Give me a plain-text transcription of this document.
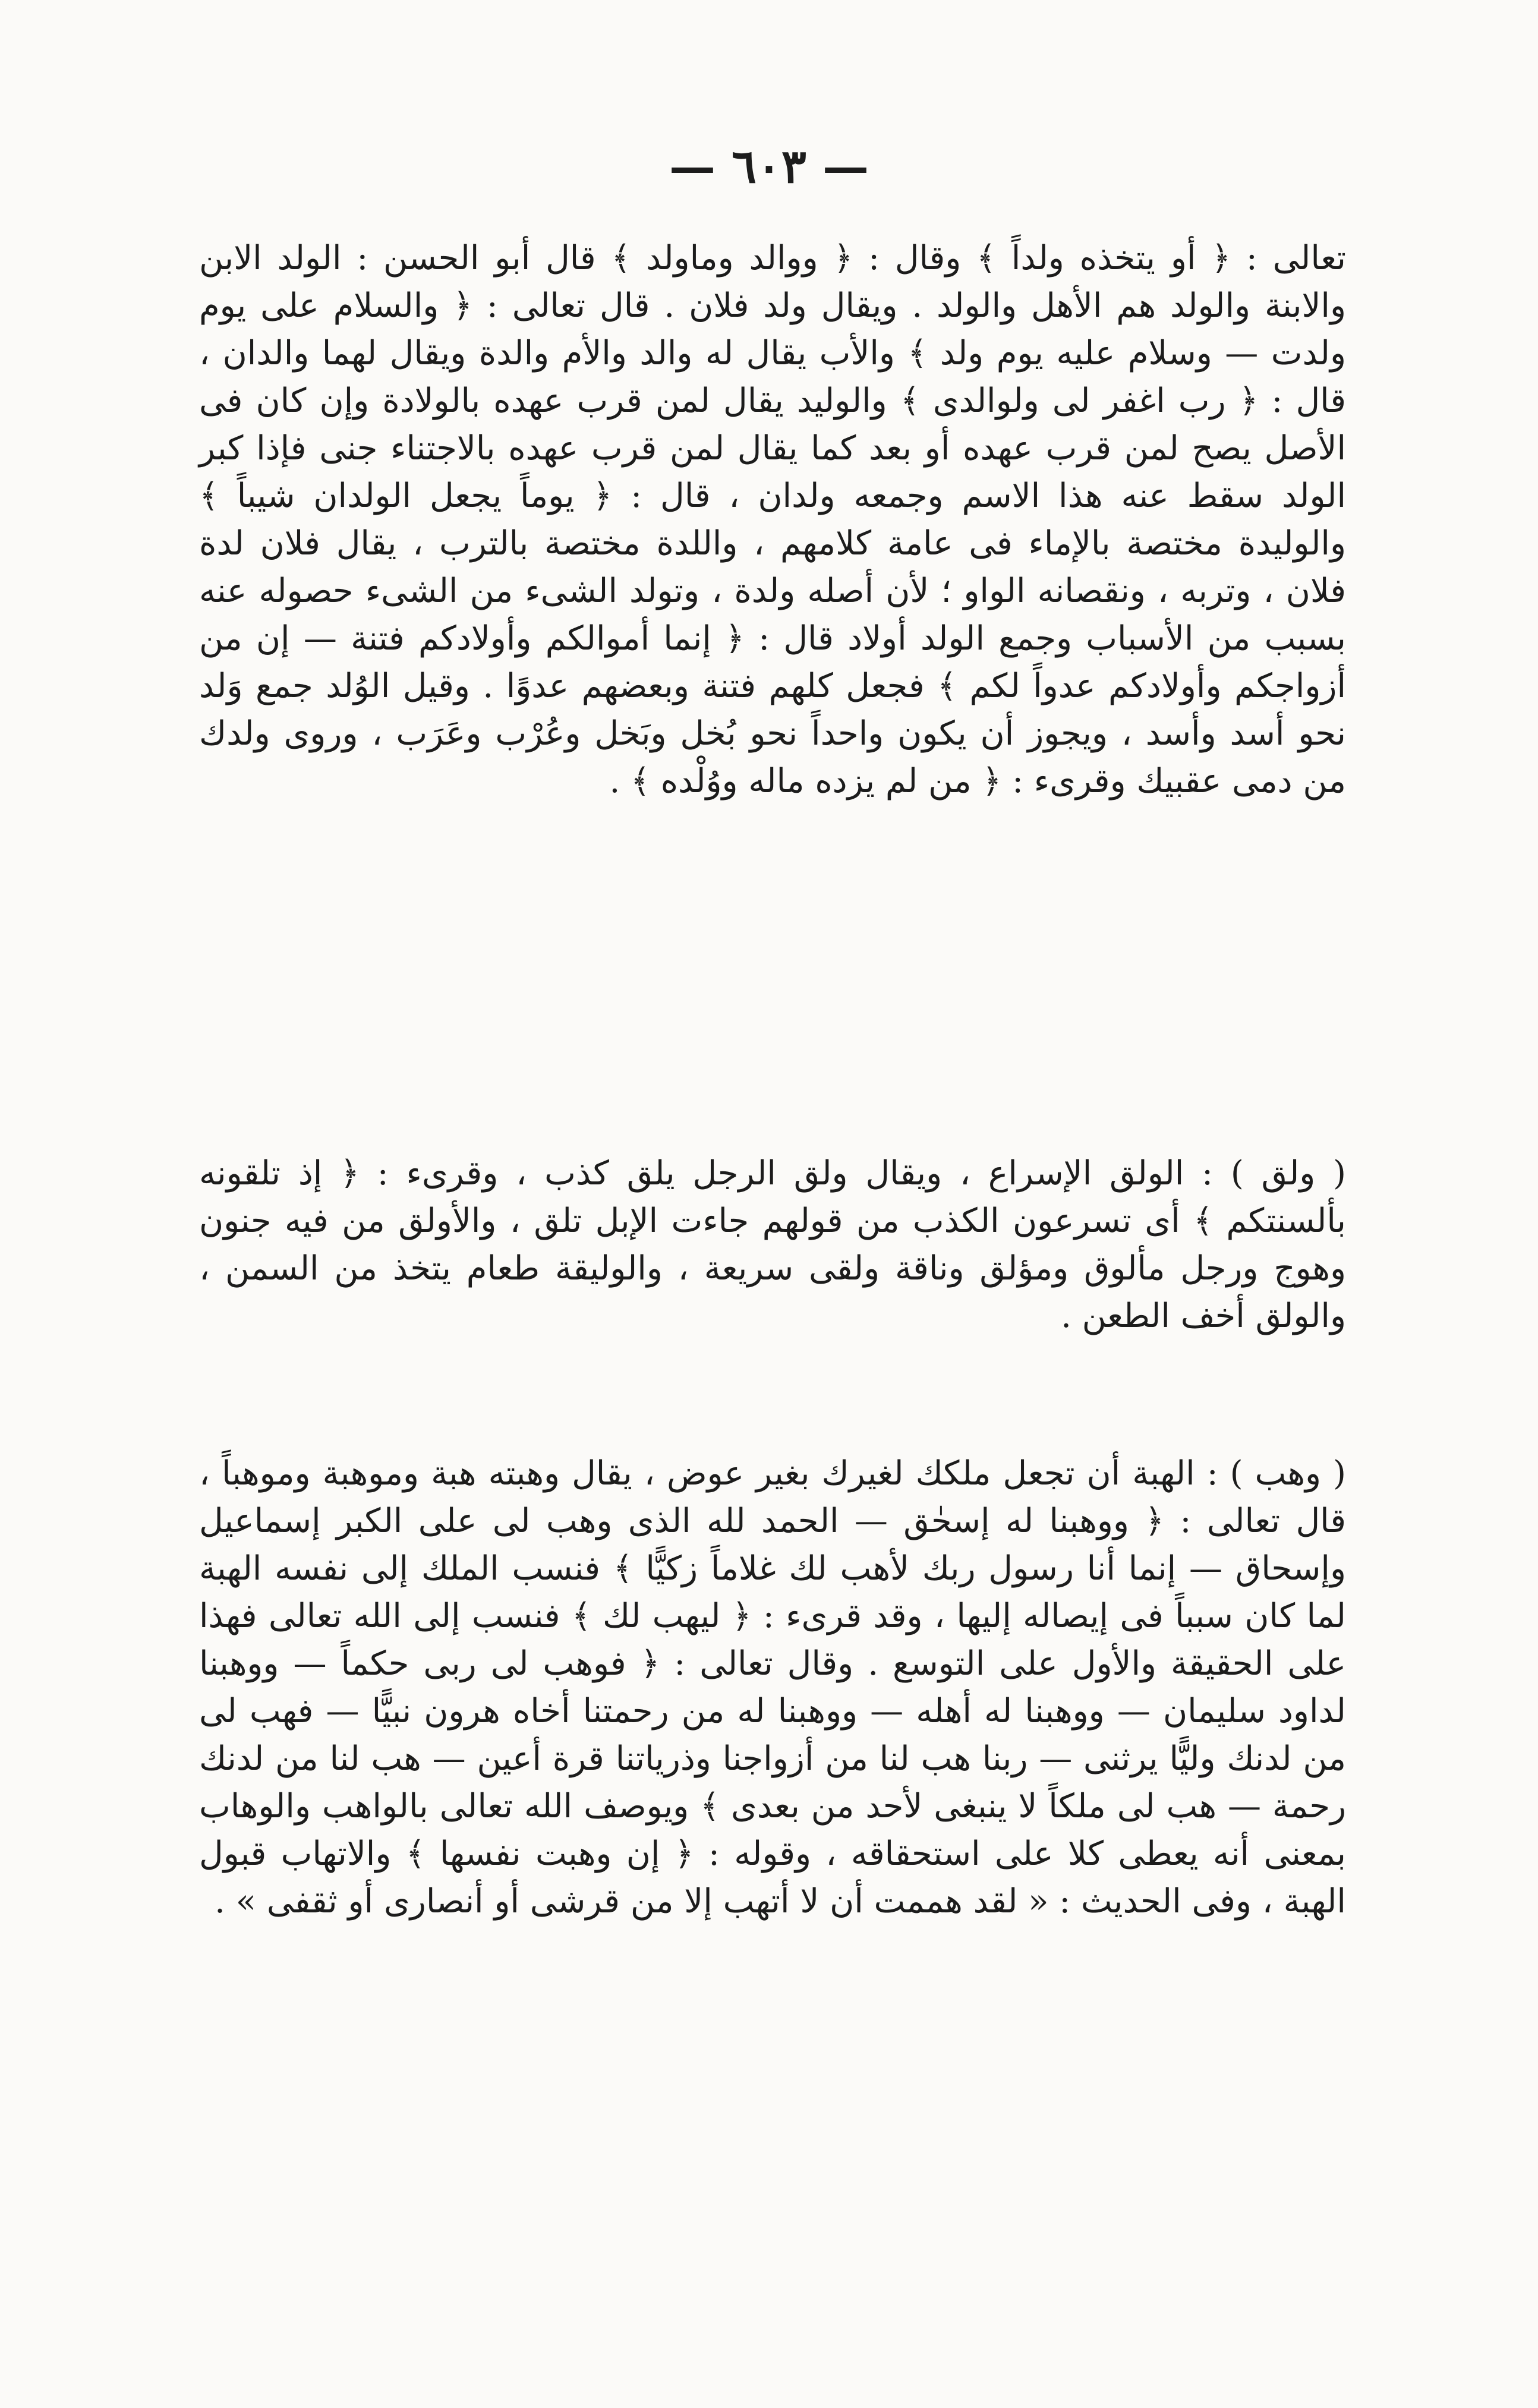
— ٦٠٣ —

تعالى : ﴿ أو يتخذه ولداً ﴾ وقال : ﴿ ووالد وماولد ﴾ قال أبو الحسن : الولد الابن والابنة والولد هم الأهل والولد . ويقال ولد فلان . قال تعالى : ﴿ والسلام على يوم ولدت — وسلام عليه يوم ولد ﴾ والأب يقال له والد والأم والدة ويقال لهما والدان ، قال : ﴿ رب اغفر لى ولوالدى ﴾ والوليد يقال لمن قرب عهده بالولادة وإن كان فى الأصل يصح لمن قرب عهده أو بعد كما يقال لمن قرب عهده بالاجتناء جنى فإذا كبر الولد سقط عنه هذا الاسم وجمعه ولدان ، قال : ﴿ يوماً يجعل الولدان شيباً ﴾ والوليدة مختصة بالإماء فى عامة كلامهم ، واللدة مختصة بالترب ، يقال فلان لدة فلان ، وتربه ، ونقصانه الواو ؛ لأن أصله ولدة ، وتولد الشىء من الشىء حصوله عنه بسبب من الأسباب وجمع الولد أولاد قال : ﴿ إنما أموالكم وأولادكم فتنة — إن من أزواجكم وأولادكم عدواً لكم ﴾ فجعل كلهم فتنة وبعضهم عدوًا . وقيل الوُلد جمع وَلد نحو أسد وأسد ، ويجوز أن يكون واحداً نحو بُخل وبَخل وعُرْب وعَرَب ، وروى ولدك من دمى عقبيك وقرىء : ﴿ من لم يزده ماله ووُلْده ﴾ .

( ولق ) : الولق الإسراع ، ويقال ولق الرجل يلق كذب ، وقرىء : ﴿ إذ تلقونه بألسنتكم ﴾ أى تسرعون الكذب من قولهم جاءت الإبل تلق ، والأولق من فيه جنون وهوج ورجل مألوق ومؤلق وناقة ولقى سريعة ، والوليقة طعام يتخذ من السمن ، والولق أخف الطعن .

( وهب ) : الهبة أن تجعل ملكك لغيرك بغير عوض ، يقال وهبته هبة وموهبة وموهباً ، قال تعالى : ﴿ ووهبنا له إسحٰق — الحمد لله الذى وهب لى على الكبر إسماعيل وإسحاق — إنما أنا رسول ربك لأهب لك غلاماً زكيًّا ﴾ فنسب الملك إلى نفسه الهبة لما كان سبباً فى إيصاله إليها ، وقد قرىء : ﴿ ليهب لك ﴾ فنسب إلى الله تعالى فهذا على الحقيقة والأول على التوسع . وقال تعالى : ﴿ فوهب لى ربى حكماً — ووهبنا لداود سليمان — ووهبنا له أهله — ووهبنا له من رحمتنا أخاه هرون نبيًّا — فهب لى من لدنك وليًّا يرثنى — ربنا هب لنا من أزواجنا وذرياتنا قرة أعين — هب لنا من لدنك رحمة — هب لى ملكاً لا ينبغى لأحد من بعدى ﴾ ويوصف الله تعالى بالواهب والوهاب بمعنى أنه يعطى كلا على استحقاقه ، وقوله : ﴿ إن وهبت نفسها ﴾ والاتهاب قبول الهبة ، وفى الحديث : « لقد هممت أن لا أتهب إلا من قرشى أو أنصارى أو ثقفى » .
